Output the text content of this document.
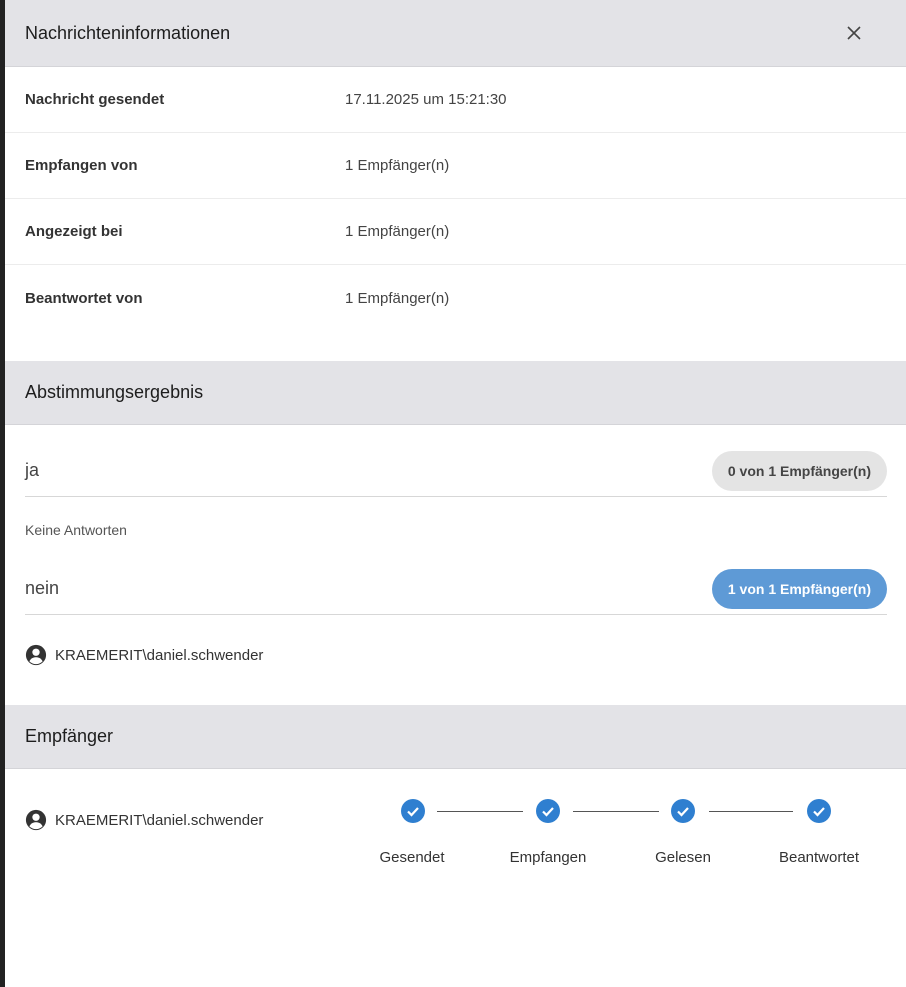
Nachrichteninformationen
Nachricht gesendet	17.11.2025 um 15:21:30
Empfangen von	1 Empfänger(n)
Angezeigt bei	1 Empfänger(n)
Beantwortet von	1 Empfänger(n)
Abstimmungsergebnis
ja	0 von 1 Empfänger(n)
Keine Antworten
nein	1 von 1 Empfänger(n)
KRAEMERIT\daniel.schwender
Empfänger
KRAEMERIT\daniel.schwender
Gesendet	Empfangen	Gelesen	Beantwortet
